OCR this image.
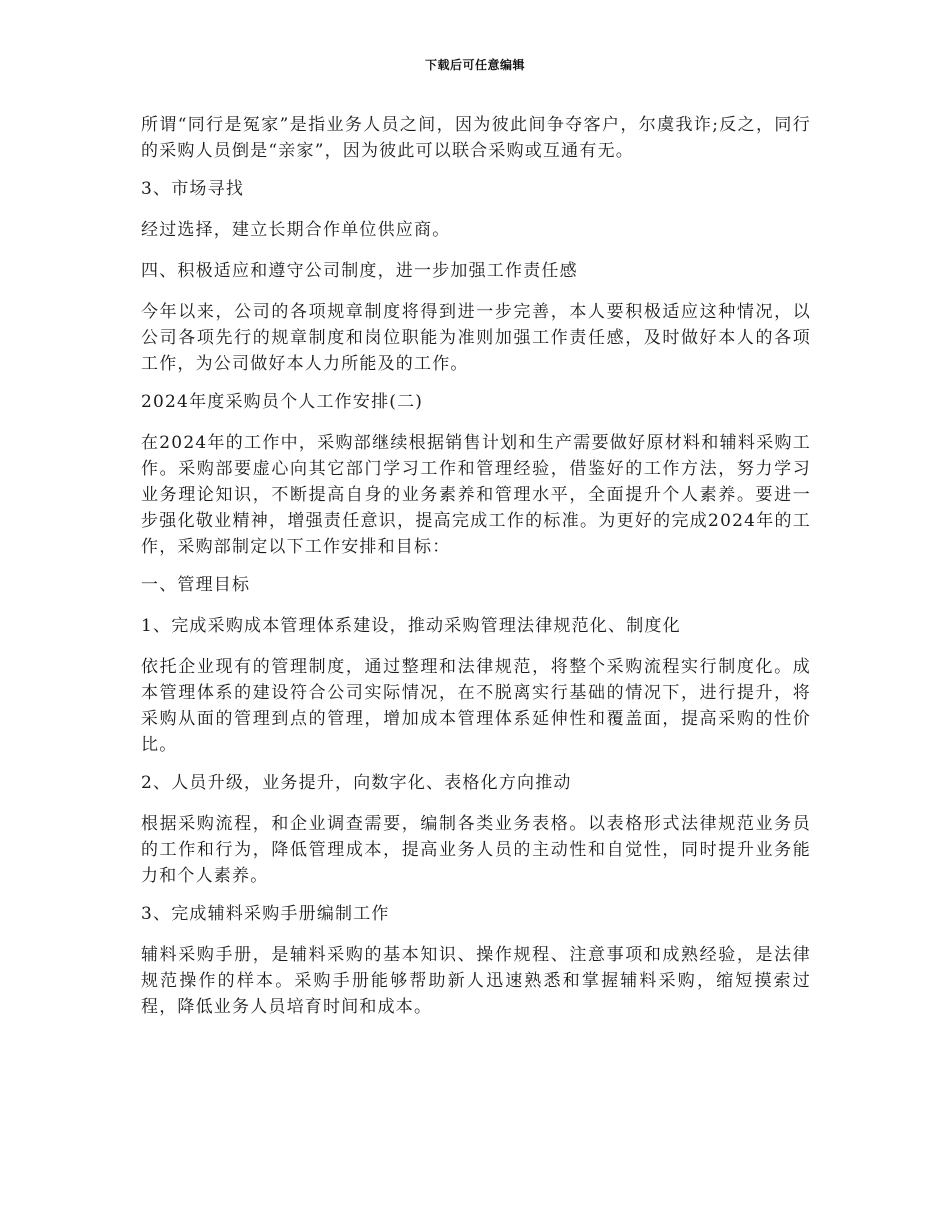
下载后可任意编辑

所谓“同行是冤家”是指业务人员之间，因为彼此间争夺客户，尔虞我诈;反之，同行的采购人员倒是“亲家”，因为彼此可以联合采购或互通有无。

3、市场寻找

经过选择，建立长期合作单位供应商。

四、积极适应和遵守公司制度，进一步加强工作责任感

今年以来，公司的各项规章制度将得到进一步完善，本人要积极适应这种情况，以公司各项先行的规章制度和岗位职能为准则加强工作责任感，及时做好本人的各项工作，为公司做好本人力所能及的工作。

2024年度采购员个人工作安排(二)

在2024年的工作中，采购部继续根据销售计划和生产需要做好原材料和辅料采购工作。采购部要虚心向其它部门学习工作和管理经验，借鉴好的工作方法，努力学习业务理论知识，不断提高自身的业务素养和管理水平，全面提升个人素养。要进一步强化敬业精神，增强责任意识，提高完成工作的标准。为更好的完成2024年的工作，采购部制定以下工作安排和目标：

一、管理目标

1、完成采购成本管理体系建设，推动采购管理法律规范化、制度化

依托企业现有的管理制度，通过整理和法律规范，将整个采购流程实行制度化。成本管理体系的建设符合公司实际情况，在不脱离实行基础的情况下，进行提升，将采购从面的管理到点的管理，增加成本管理体系延伸性和覆盖面，提高采购的性价比。

2、人员升级，业务提升，向数字化、表格化方向推动

根据采购流程，和企业调查需要，编制各类业务表格。以表格形式法律规范业务员的工作和行为，降低管理成本，提高业务人员的主动性和自觉性，同时提升业务能力和个人素养。

3、完成辅料采购手册编制工作

辅料采购手册，是辅料采购的基本知识、操作规程、注意事项和成熟经验，是法律规范操作的样本。采购手册能够帮助新人迅速熟悉和掌握辅料采购，缩短摸索过程，降低业务人员培育时间和成本。
